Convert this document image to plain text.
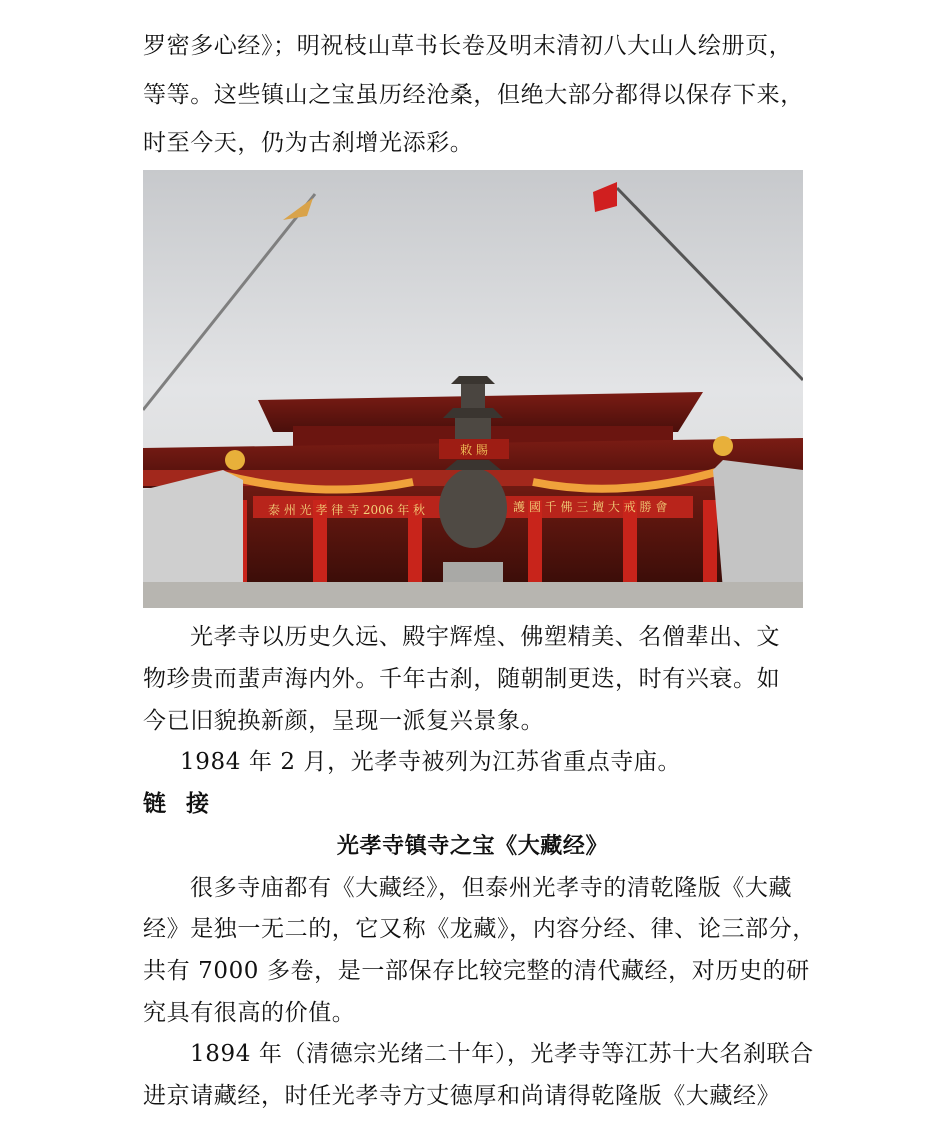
罗密多心经》；明祝枝山草书长卷及明末清初八大山人绘册页，
等等。这些镇山之宝虽历经沧桑，但绝大部分都得以保存下来，
时至今天，仍为古刹增光添彩。
敕 賜
泰 州 光 孝 律 寺 2006 年 秋	護 國 千 佛 三 壇 大 戒 勝 會
光孝寺以历史久远、殿宇辉煌、佛塑精美、名僧辈出、文
物珍贵而蜚声海内外。千年古刹，随朝制更迭，时有兴衰。如
今已旧貌换新颜，呈现一派复兴景象。
1984 年 2 月，光孝寺被列为江苏省重点寺庙。
链 接
光孝寺镇寺之宝《大藏经》
很多寺庙都有《大藏经》，但泰州光孝寺的清乾隆版《大藏
经》是独一无二的，它又称《龙藏》，内容分经、律、论三部分，
共有 7000 多卷，是一部保存比较完整的清代藏经，对历史的研
究具有很高的价值。
1894 年（清德宗光绪二十年），光孝寺等江苏十大名刹联合
进京请藏经，时任光孝寺方丈德厚和尚请得乾隆版《大藏经》
